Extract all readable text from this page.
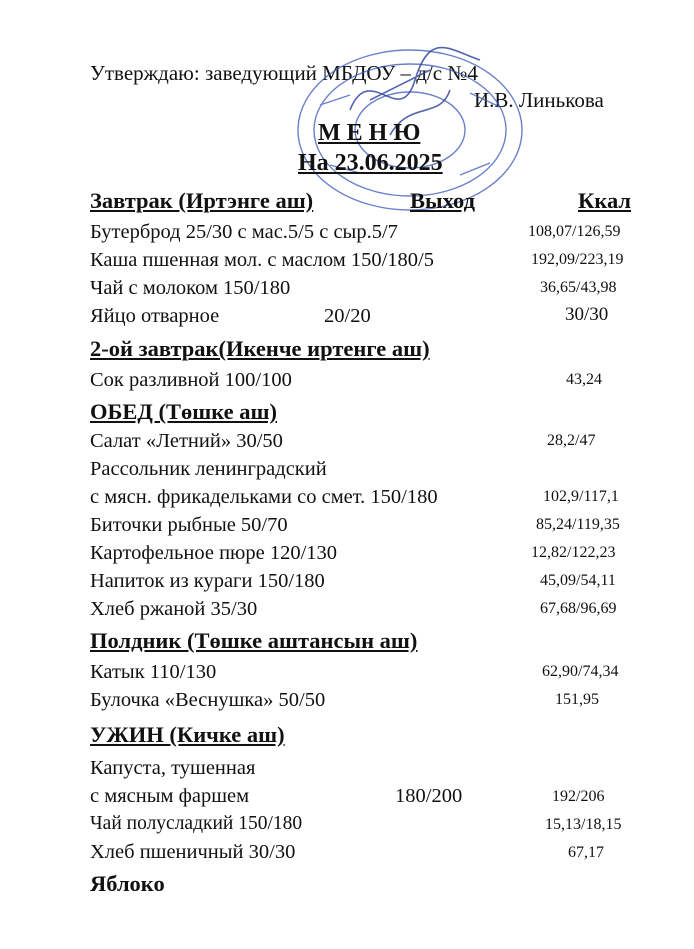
Утверждаю: заведующий МБДОУ – д/с №4
И.В. Линькова
М Е Н Ю
На 23.06.2025
Завтрак (Иртэнге аш)	Выход	Ккал
Бутерброд 25/30 с мас.5/5 с сыр.5/7	108,07/126,59
Каша пшенная мол. с маслом 150/180/5	192,09/223,19
Чай с молоком 150/180	36,65/43,98
Яйцо отварное	20/20	30/30
2-ой завтрак(Икенче иртенге аш)
Сок разливной 100/100	43,24
ОБЕД (Төшке аш)
Салат «Летний» 30/50	28,2/47
Рассольник ленинградский
с мясн. фрикадельками со смет. 150/180	102,9/117,1
Биточки рыбные 50/70	85,24/119,35
Картофельное пюре 120/130	12,82/122,23
Напиток из кураги 150/180	45,09/54,11
Хлеб ржаной 35/30	67,68/96,69
Полдник (Төшке аштансын аш)
Катык 110/130	62,90/74,34
Булочка «Веснушка» 50/50	151,95
УЖИН (Кичке аш)
Капуста, тушенная
с мясным фаршем	180/200	192/206
Чай полусладкий 150/180	15,13/18,15
Хлеб пшеничный 30/30	67,17
Яблоко
